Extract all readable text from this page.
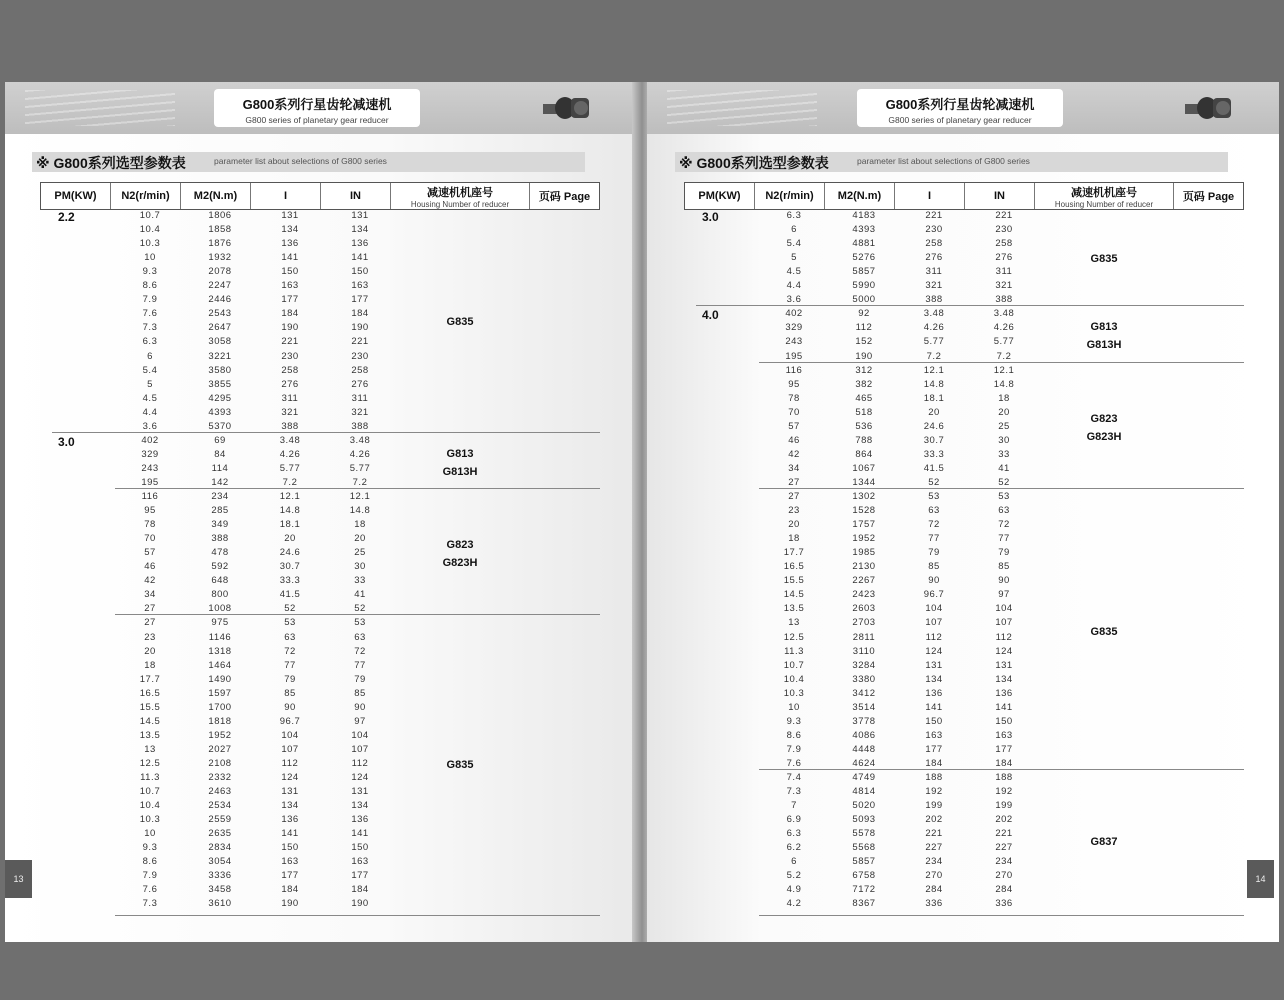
G800系列行星齿轮减速机
G800 series of planetary gear reducer
※ G800系列选型参数表	parameter list about selections of G800 series
PM(KW)	N2(r/min)	M2(N.m)	I	IN	减速机机座号
Housing Number of reducer
页码 Page
2.2	10.7	1806	131	131
10.4	1858	134	134
10.3	1876	136	136
10	1932	141	141
9.3	2078	150	150
8.6	2247	163	163
7.9	2446	177	177
7.6	2543	184	184
7.3	2647	190	190
6.3	3058	221	221
6	3221	230	230
5.4	3580	258	258
5	3855	276	276
4.5	4295	311	311
4.4	4393	321	321
3.6	5370	388	388
G835
3.0	402	69	3.48	3.48
329	84	4.26	4.26
243	114	5.77	5.77
195	142	7.2	7.2
G813
G813H
116	234	12.1	12.1
95	285	14.8	14.8
78	349	18.1	18
70	388	20	20
57	478	24.6	25
46	592	30.7	30
42	648	33.3	33
34	800	41.5	41
27	1008	52	52
G823
G823H
27	975	53	53
23	1146	63	63
20	1318	72	72
18	1464	77	77
17.7	1490	79	79
16.5	1597	85	85
15.5	1700	90	90
14.5	1818	96.7	97
13.5	1952	104	104
13	2027	107	107
12.5	2108	112	112
11.3	2332	124	124
10.7	2463	131	131
10.4	2534	134	134
10.3	2559	136	136
10	2635	141	141
9.3	2834	150	150
8.6	3054	163	163
7.9	3336	177	177
7.6	3458	184	184
7.3	3610	190	190
G835
13
G800系列行星齿轮减速机
G800 series of planetary gear reducer
※ G800系列选型参数表	parameter list about selections of G800 series
PM(KW)	N2(r/min)	M2(N.m)	I	IN	减速机机座号
Housing Number of reducer
页码 Page
3.0	6.3	4183	221	221
6	4393	230	230
5.4	4881	258	258
5	5276	276	276
4.5	5857	311	311
4.4	5990	321	321
3.6	5000	388	388
G835
4.0	402	92	3.48	3.48
329	112	4.26	4.26
243	152	5.77	5.77
195	190	7.2	7.2
G813
G813H
116	312	12.1	12.1
95	382	14.8	14.8
78	465	18.1	18
70	518	20	20
57	536	24.6	25
46	788	30.7	30
42	864	33.3	33
34	1067	41.5	41
27	1344	52	52
G823
G823H
27	1302	53	53
23	1528	63	63
20	1757	72	72
18	1952	77	77
17.7	1985	79	79
16.5	2130	85	85
15.5	2267	90	90
14.5	2423	96.7	97
13.5	2603	104	104
13	2703	107	107
12.5	2811	112	112
11.3	3110	124	124
10.7	3284	131	131
10.4	3380	134	134
10.3	3412	136	136
10	3514	141	141
9.3	3778	150	150
8.6	4086	163	163
7.9	4448	177	177
7.6	4624	184	184
G835
7.4	4749	188	188
7.3	4814	192	192
7	5020	199	199
6.9	5093	202	202
6.3	5578	221	221
6.2	5568	227	227
6	5857	234	234
5.2	6758	270	270
4.9	7172	284	284
4.2	8367	336	336
G837
14
